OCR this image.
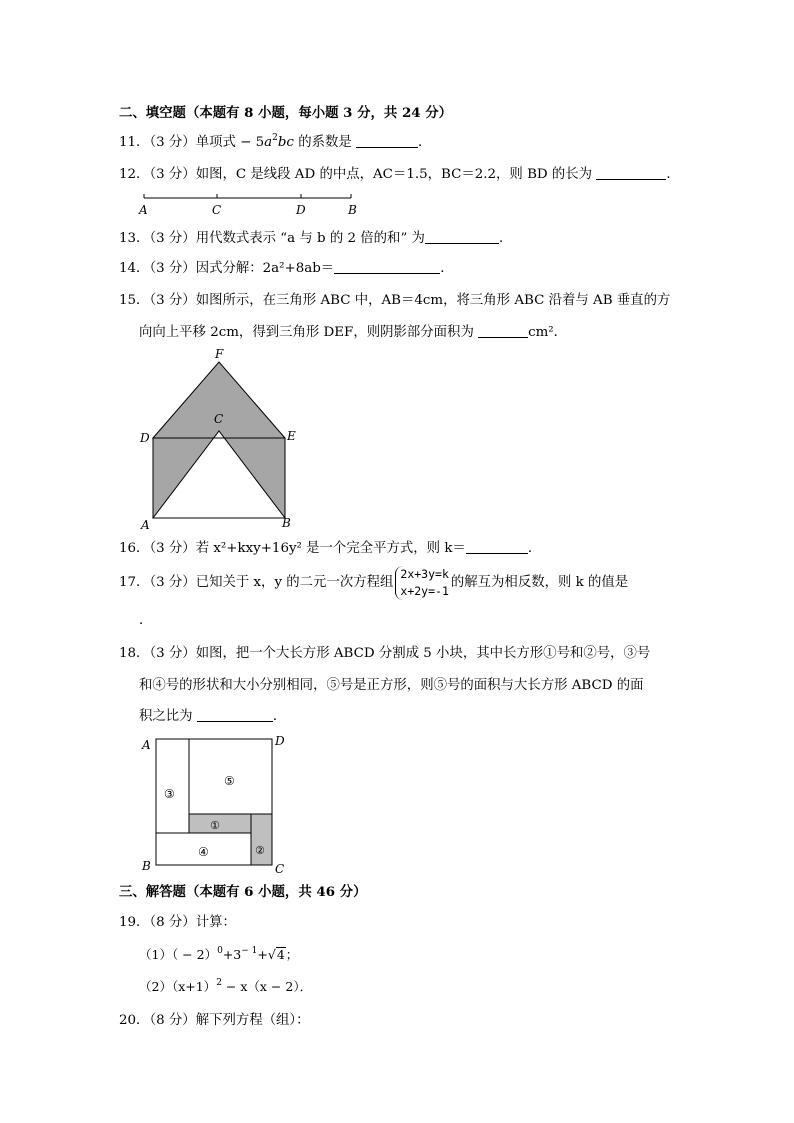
二、填空题（本题有 8 小题，每小题 3 分，共 24 分）
11．（3 分）单项式 − $5a^2bc$ 的系数是	．
12．（3 分）如图，C 是线段 AD 的中点，AC＝1.5，BC＝2.2，则 BD 的长为	．
A	C	D	B
13．（3 分）用代数式表示 “a 与 b 的 2 倍的和” 为	．
14．（3 分）因式分解：2a²+8ab＝	．
15．（3 分）如图所示，在三角形 ABC 中，AB＝4cm，将三角形 ABC 沿着与 AB 垂直的方
向向上平移 2cm，得到三角形 DEF，则阴影部分面积为	cm²．
F
C
D	E
A	B
16．（3 分）若 x²+kxy+16y² 是一个完全平方式，则 k＝	．
17．（3 分）已知关于 x，y 的二元一次方程组2x+3y=k
x+2y=-1的解互为相反数，则 k 的值是
．
18．（3 分）如图，把一个大长方形 ABCD 分割成 5 小块，其中长方形①号和②号，③号
和④号的形状和大小分别相同，⑤号是正方形，则⑤号的面积与大长方形 ABCD 的面
积之比为	．
③
⑤
①
②
④
A	D
B	C
三、解答题（本题有 6 小题，共 46 分）
19．（8 分）计算：
$(1)( - 2)^0+3^{- 1}+√4$；
$(2)(x+1)^2 - x(x - 2)$．
20．（8 分）解下列方程（组）：
